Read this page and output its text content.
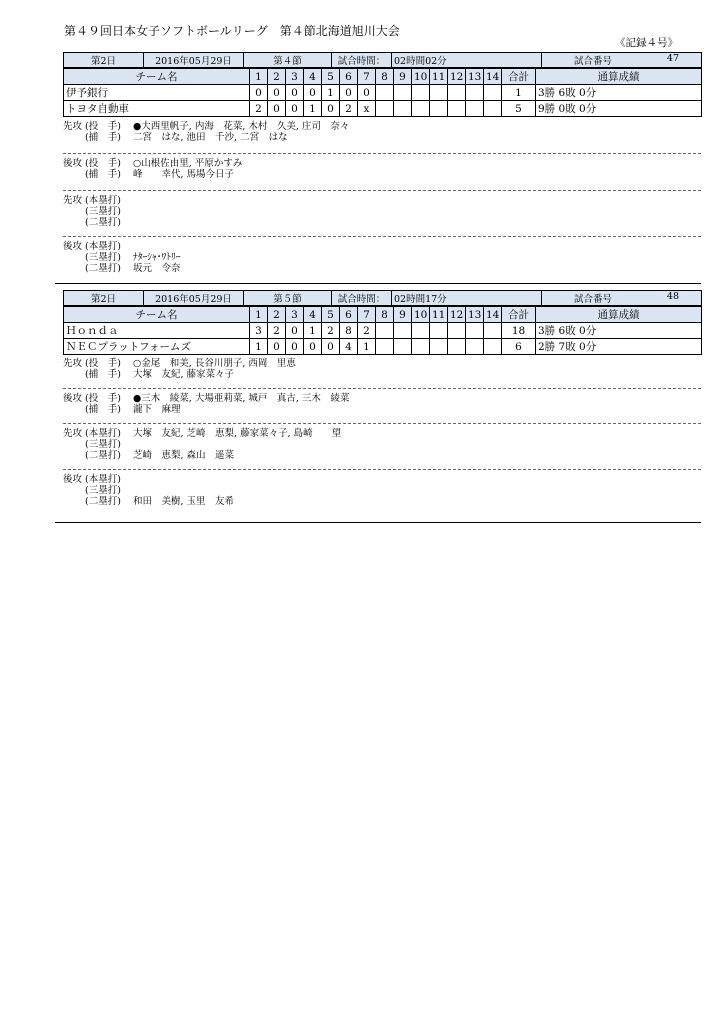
第４９回日本女子ソフトボールリーグ　第４節北海道旭川大会
《記録４号》
第2日	2016年05月29日	第４節	試合時間：	02時間02分	試合番号	47
チーム名	1	2	3	4	5	6	7	8	9	10	11	12	13	14	合計	通算成績
伊予銀行	0	0	0	0	1	0	0								1	3勝 6敗 0分
トヨタ自動車	2	0	0	1	0	2	x								5	9勝 0敗 0分
先攻 (投　手)	●大西里帆子, 内海　花菜, 木村　久美, 庄司　奈々
(捕　手)	二宮　はな, 池田　千沙, 二宮　はな
後攻 (投　手)	○山根佐由里, 平原かすみ
(捕　手)	峰　　幸代, 馬場今日子
先攻 (本塁打)
(三塁打)
(二塁打)
後攻 (本塁打)
(三塁打)	ﾅﾀｰｼｬ･ﾜﾄﾘｰ
(二塁打)	坂元　令奈
第2日	2016年05月29日	第５節	試合時間：	02時間17分	試合番号	48
チーム名	1	2	3	4	5	6	7	8	9	10	11	12	13	14	合計	通算成績
Ｈｏｎｄａ	3	2	0	1	2	8	2								18	3勝 6敗 0分
ＮＥＣプラットフォームズ	1	0	0	0	0	4	1								6	2勝 7敗 0分
先攻 (投　手)	○金尾　和美, 長谷川朋子, 西岡　里恵
(捕　手)	大塚　友紀, 藤家菜々子
後攻 (投　手)	●三木　綾菜, 大場亜莉菜, 城戸　真古, 三木　綾菜
(捕　手)	瀧下　麻理
先攻 (本塁打)	大塚　友紀, 芝崎　恵梨, 藤家菜々子, 島崎　　望
(三塁打)
(二塁打)	芝崎　恵梨, 森山　遥菜
後攻 (本塁打)
(三塁打)
(二塁打)	和田　美樹, 玉里　友希
